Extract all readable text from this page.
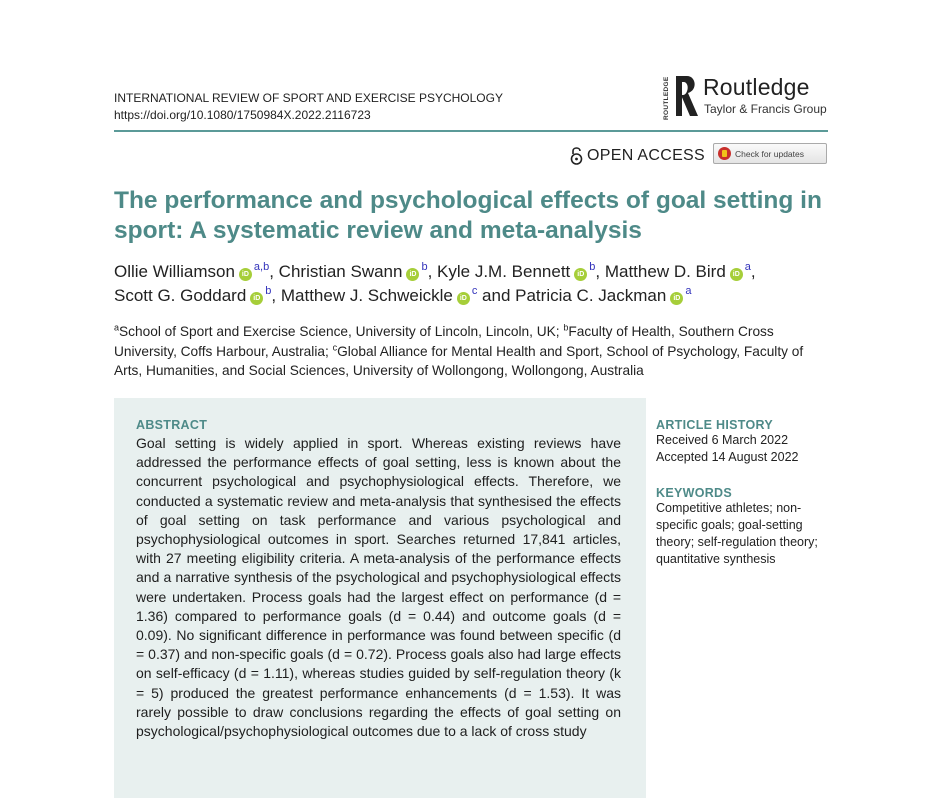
INTERNATIONAL REVIEW OF SPORT AND EXERCISE PSYCHOLOGY
https://doi.org/10.1080/1750984X.2022.2116723	ROUTLEDGE Routledge
Taylor & Francis Group
OPEN ACCESS	Check for updates
The performance and psychological effects of goal setting in sport: A systematic review and meta-analysis
Ollie Williamson iD$^{a,b}$, Christian Swann iD$^b$, Kyle J.M. Bennett iD$^b$, Matthew D. Bird iD$^a$,
Scott G. Goddard iD$^b$, Matthew J. Schweickle iD$^c$ and Patricia C. Jackman iD$^a$
$^a$School of Sport and Exercise Science, University of Lincoln, Lincoln, UK; $^b$Faculty of Health, Southern Cross University, Coffs Harbour, Australia; $^c$Global Alliance for Mental Health and Sport, School of Psychology, Faculty of Arts, Humanities, and Social Sciences, University of Wollongong, Wollongong, Australia
ABSTRACT

Goal setting is widely applied in sport. Whereas existing reviews have addressed the performance effects of goal setting, less is known about the concurrent psychological and psychophysiological effects. Therefore, we conducted a systematic review and meta-analysis that synthesised the effects of goal setting on task performance and various psychological and psychophysiological outcomes in sport. Searches returned 17,841 articles, with 27 meeting eligibility criteria. A meta-analysis of the performance effects and a narrative synthesis of the psychological and psychophysiological effects were undertaken. Process goals had the largest effect on performance (d = 1.36) compared to performance goals (d = 0.44) and outcome goals (d = 0.09). No significant difference in performance was found between specific (d = 0.37) and non-specific goals (d = 0.72). Process goals also had large effects on self-efficacy (d = 1.11), whereas studies guided by self-regulation theory (k = 5) produced the greatest performance enhancements (d = 1.53). It was rarely possible to draw conclusions regarding the effects of goal setting on psychological/psychophysiological outcomes due to a lack of cross study

ARTICLE HISTORY
Received 6 March 2022
Accepted 14 August 2022
KEYWORDS
Competitive athletes; non-specific goals; goal-setting theory; self-regulation theory; quantitative synthesis
